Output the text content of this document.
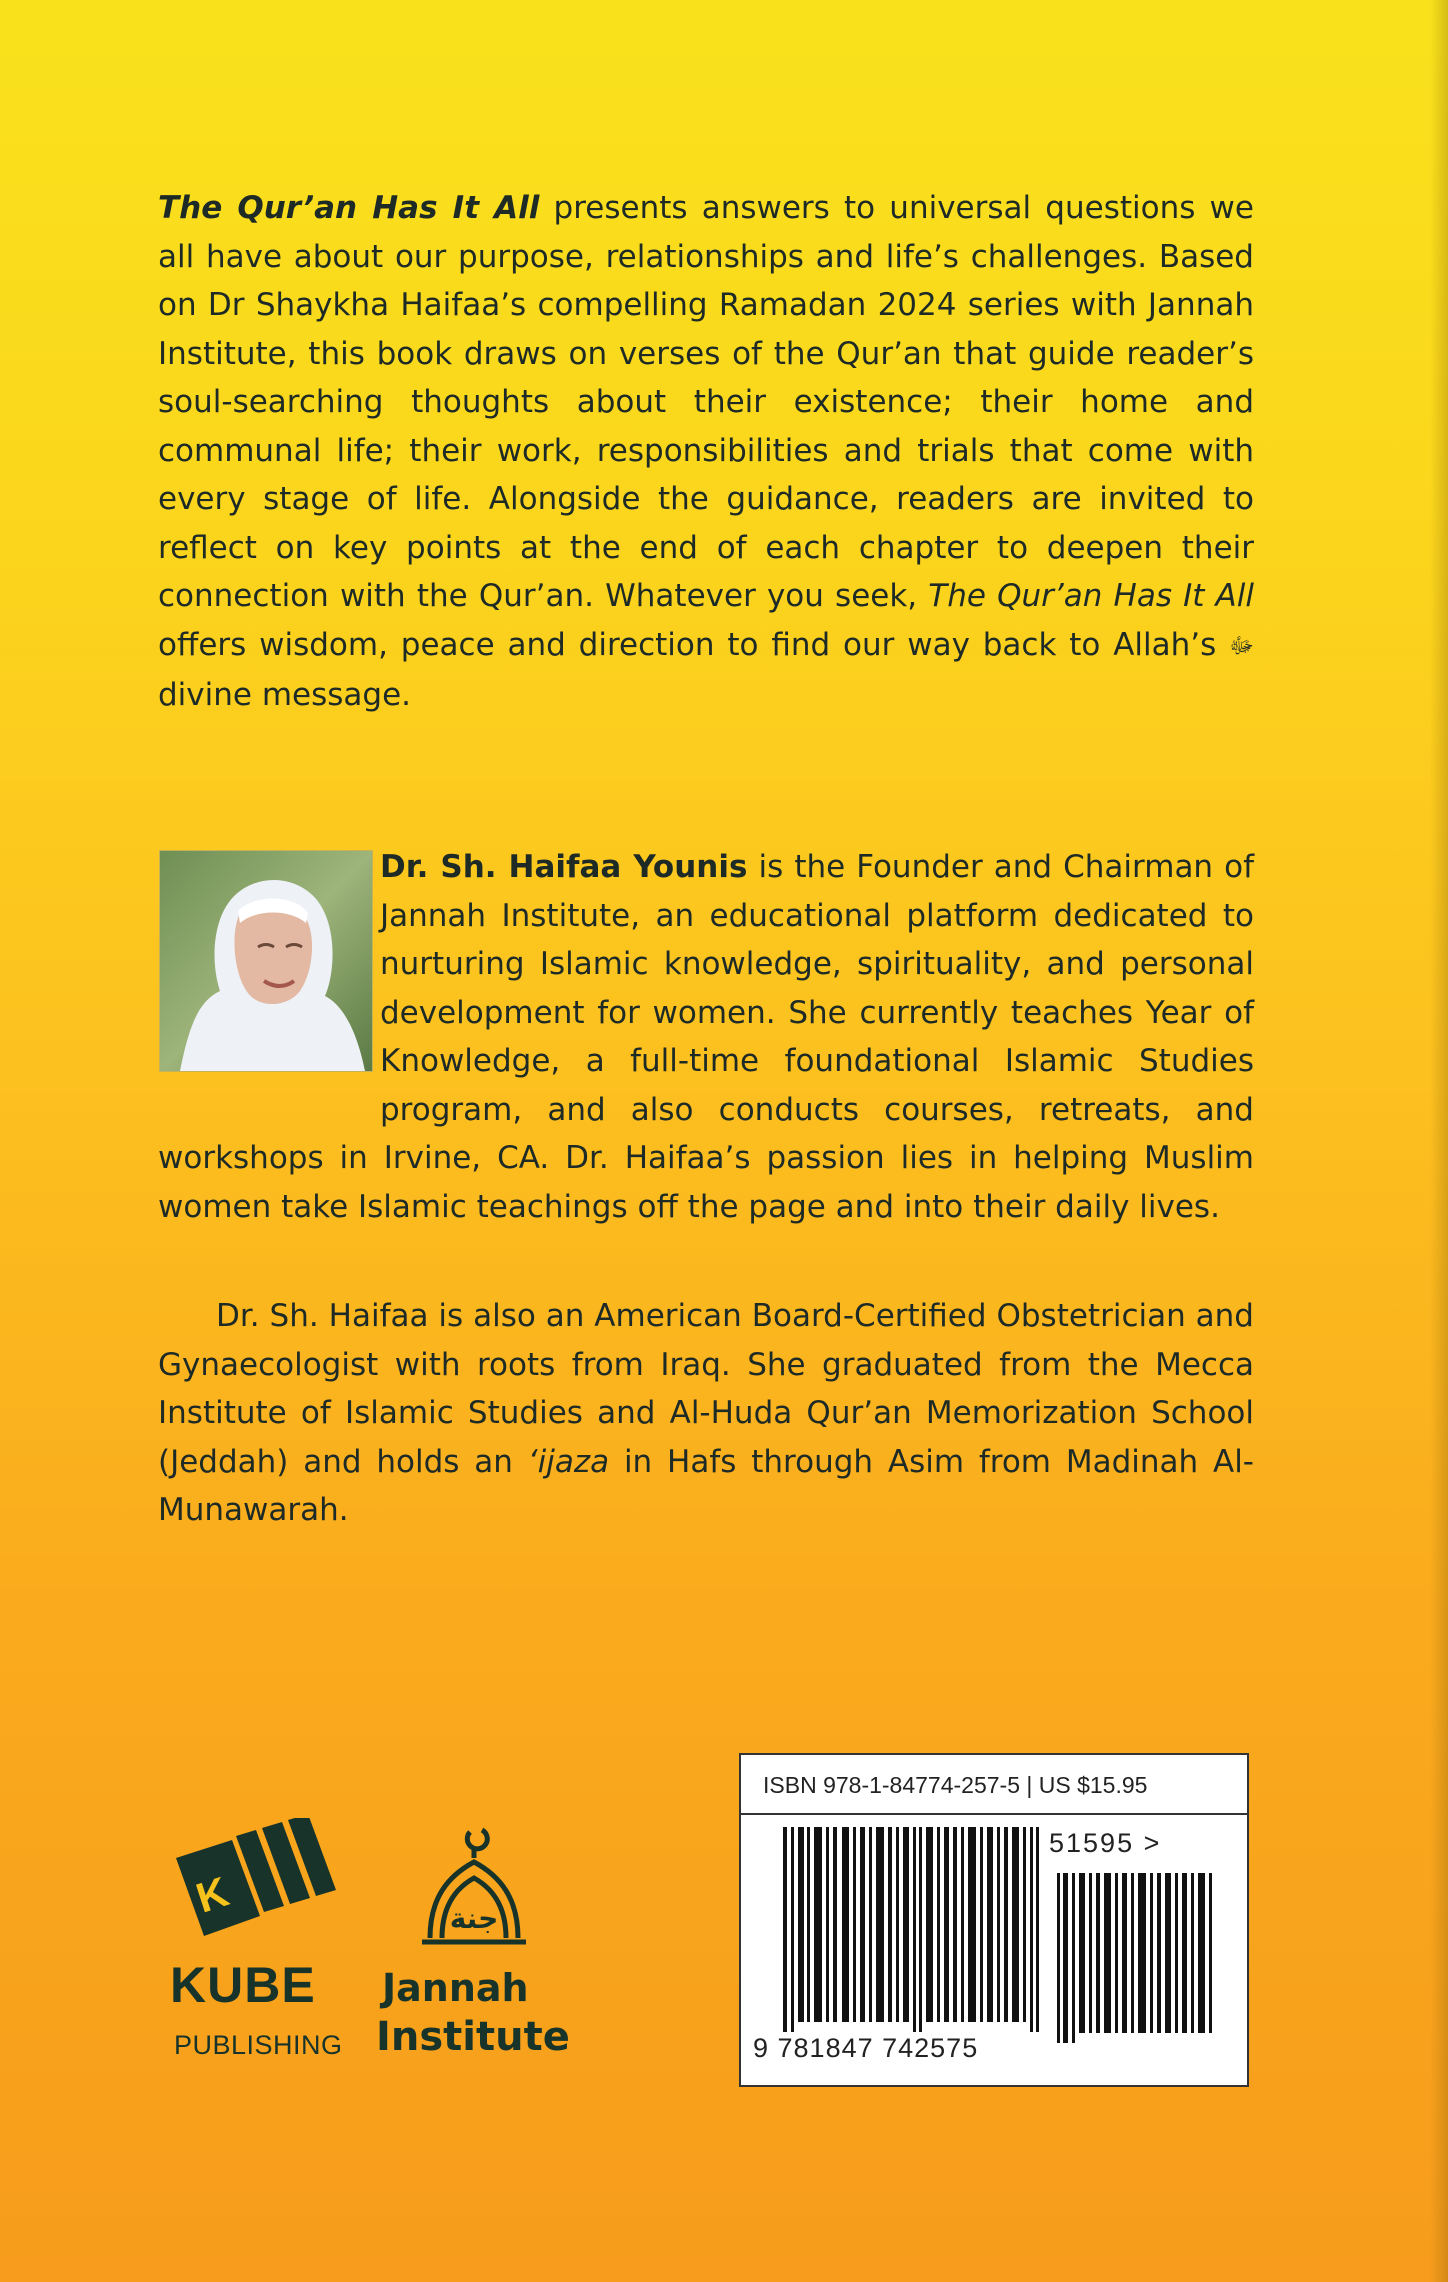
The Qur’an Has It All presents answers to universal questions we all have about our purpose, relationships and life’s challenges. Based on Dr Shaykha Haifaa’s compelling Ramadan 2024 series with Jannah Institute, this book draws on verses of the Qur’an that guide reader’s soul-searching thoughts about their existence; their home and communal life; their work, responsibilities and trials that come with every stage of life. Alongside the guidance, readers are invited to reflect on key points at the end of each chapter to deepen their connection with the Qur’an. Whatever you seek, The Qur’an Has It All offers wisdom, peace and direction to find our way back to Allah’s ﷻ divine message.

Dr. Sh. Haifaa Younis is the Founder and Chairman of Jannah Institute, an educational platform dedicated to nurturing Islamic knowledge, spirituality, and personal development for women. She currently teaches Year of Knowledge, a full-time foundational Islamic Studies program, and also conducts courses, retreats, and workshops in Irvine, CA. Dr. Haifaa’s passion lies in helping Muslim women take Islamic teachings off the page and into their daily lives.

Dr. Sh. Haifaa is also an American Board-Certified Obstetrician and Gynaecologist with roots from Iraq. She graduated from the Mecca Institute of Islamic Studies and Al-Huda Qur’an Memorization School (Jeddah) and holds an ‘ijaza in Hafs through Asim from Madinah Al-Munawarah.

K
KUBE
PUBLISHING
جنة
Jannah
Institute
ISBN 978-1-84774-257-5 | US $15.95
51595 >
9 781847 742575
